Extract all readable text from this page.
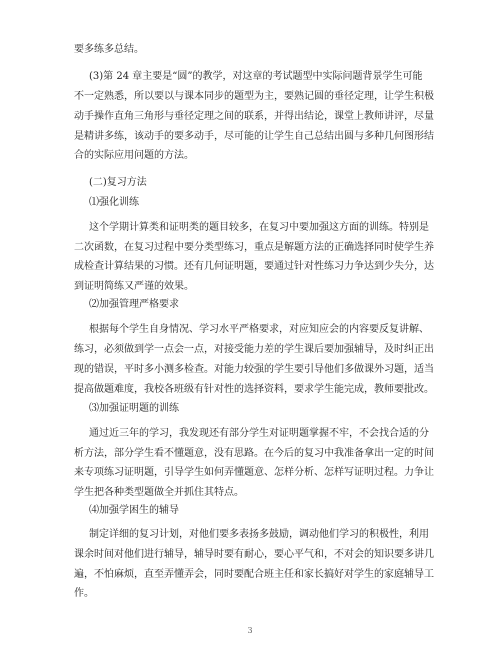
要多练多总结。
(3)第 24 章主要是“圆”的教学，对这章的考试题型中实际问题背景学生可能
不一定熟悉，所以要以与课本同步的题型为主，要熟记圆的垂径定理，让学生积极
动手操作直角三角形与垂径定理之间的联系，并得出结论，课堂上教师讲评，尽量
是精讲多练，该动手的要多动手，尽可能的让学生自己总结出圆与多种几何图形结
合的实际应用问题的方法。
(二)复习方法
⑴强化训练
这个学期计算类和证明类的题目较多，在复习中要加强这方面的训练。特别是
二次函数，在复习过程中要分类型练习，重点是解题方法的正确选择同时使学生养
成检查计算结果的习惯。还有几何证明题，要通过针对性练习力争达到少失分，达
到证明简练又严谨的效果。
⑵加强管理严格要求
根据每个学生自身情况、学习水平严格要求，对应知应会的内容要反复讲解、
练习，必须做到学一点会一点，对接受能力差的学生课后要加强辅导，及时纠正出
现的错误，平时多小测多检查。对能力较强的学生要引导他们多做课外习题，适当
提高做题难度，我校各班级有针对性的选择资料，要求学生能完成，教师要批改。
⑶加强证明题的训练
通过近三年的学习，我发现还有部分学生对证明题掌握不牢，不会找合适的分
析方法，部分学生看不懂题意，没有思路。在今后的复习中我准备拿出一定的时间
来专项练习证明题，引导学生如何弄懂题意、怎样分析、怎样写证明过程。力争让
学生把各种类型题做全并抓住其特点。
⑷加强学困生的辅导
制定详细的复习计划，对他们要多表扬多鼓励，调动他们学习的积极性，利用
课余时间对他们进行辅导，辅导时要有耐心，要心平气和，不对会的知识要多讲几
遍，不怕麻烦，直至弄懂弄会，同时要配合班主任和家长搞好对学生的家庭辅导工
作。
3
